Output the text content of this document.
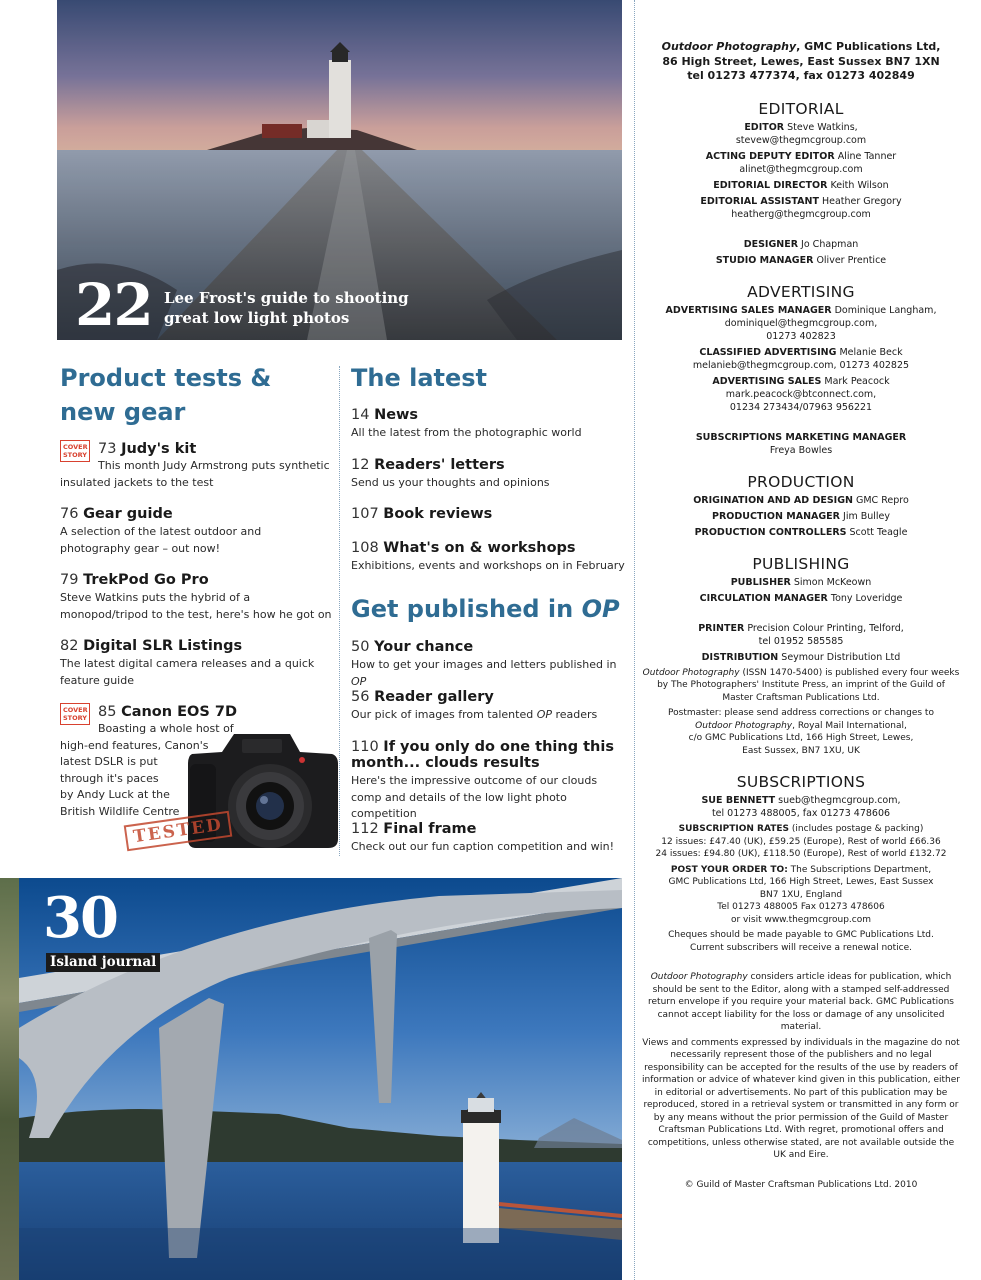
22 Lee Frost's guide to shooting
great low light photos
Product tests &
new gear
COVER
STORY 73 Judy's kit
This month Judy Armstrong puts synthetic insulated jackets to the test
76 Gear guide
A selection of the latest outdoor and photography gear – out now!
79 TrekPod Go Pro
Steve Watkins puts the hybrid of a monopod/tripod to the test, here's how he got on
82 Digital SLR Listings
The latest digital camera releases and a quick feature guide
COVER
STORY 85 Canon EOS 7D
Boasting a whole host of
high-end features, Canon's
latest DSLR is put
through it's paces
by Andy Luck at the
British Wildlife Centre
TESTED
The latest
14 News
All the latest from the photographic world
12 Readers' letters
Send us your thoughts and opinions
107 Book reviews
108 What's on & workshops
Exhibitions, events and workshops on in February
Get published in OP
50 Your chance
How to get your images and letters published in OP
56 Reader gallery
Our pick of images from talented OP readers
110 If you only do one thing this
month... clouds results
Here's the impressive outcome of our clouds comp and details of the low light photo competition
112 Final frame
Check out our fun caption competition and win!
30
Island journal
Outdoor Photography, GMC Publications Ltd,
86 High Street, Lewes, East Sussex BN7 1XN
tel 01273 477374, fax 01273 402849
EDITORIAL
EDITOR Steve Watkins,
stevew@thegmcgroup.com
ACTING DEPUTY EDITOR Aline Tanner
alinet@thegmcgroup.com
EDITORIAL DIRECTOR Keith Wilson
EDITORIAL ASSISTANT Heather Gregory
heatherg@thegmcgroup.com
DESIGNER Jo Chapman
STUDIO MANAGER Oliver Prentice
ADVERTISING
ADVERTISING SALES MANAGER Dominique Langham,
dominiquel@thegmcgroup.com,
01273 402823
CLASSIFIED ADVERTISING Melanie Beck
melanieb@thegmcgroup.com, 01273 402825
ADVERTISING SALES Mark Peacock
mark.peacock@btconnect.com,
01234 273434/07963 956221
SUBSCRIPTIONS MARKETING MANAGER
Freya Bowles
PRODUCTION
ORIGINATION AND AD DESIGN GMC Repro
PRODUCTION MANAGER Jim Bulley
PRODUCTION CONTROLLERS Scott Teagle
PUBLISHING
PUBLISHER Simon McKeown
CIRCULATION MANAGER Tony Loveridge
PRINTER Precision Colour Printing, Telford,
tel 01952 585585
DISTRIBUTION Seymour Distribution Ltd
Outdoor Photography (ISSN 1470-5400) is published every four weeks by The Photographers' Institute Press, an imprint of the Guild of Master Craftsman Publications Ltd.
Postmaster: please send address corrections or changes to
Outdoor Photography, Royal Mail International,
c/o GMC Publications Ltd, 166 High Street, Lewes,
East Sussex, BN7 1XU, UK
SUBSCRIPTIONS
SUE BENNETT sueb@thegmcgroup.com,
tel 01273 488005, fax 01273 478606
SUBSCRIPTION RATES (includes postage & packing)
12 issues: £47.40 (UK), £59.25 (Europe), Rest of world £66.36
24 issues: £94.80 (UK), £118.50 (Europe), Rest of world £132.72
POST YOUR ORDER TO: The Subscriptions Department,
GMC Publications Ltd, 166 High Street, Lewes, East Sussex
BN7 1XU, England
Tel 01273 488005 Fax 01273 478606
or visit www.thegmcgroup.com
Cheques should be made payable to GMC Publications Ltd.
Current subscribers will receive a renewal notice.
Outdoor Photography considers article ideas for publication, which should be sent to the Editor, along with a stamped self-addressed return envelope if you require your material back. GMC Publications cannot accept liability for the loss or damage of any unsolicited material.
Views and comments expressed by individuals in the magazine do not necessarily represent those of the publishers and no legal responsibility can be accepted for the results of the use by readers of information or advice of whatever kind given in this publication, either in editorial or advertisements. No part of this publication may be reproduced, stored in a retrieval system or transmitted in any form or by any means without the prior permission of the Guild of Master Craftsman Publications Ltd. With regret, promotional offers and competitions, unless otherwise stated, are not available outside the UK and Eire.
© Guild of Master Craftsman Publications Ltd. 2010
